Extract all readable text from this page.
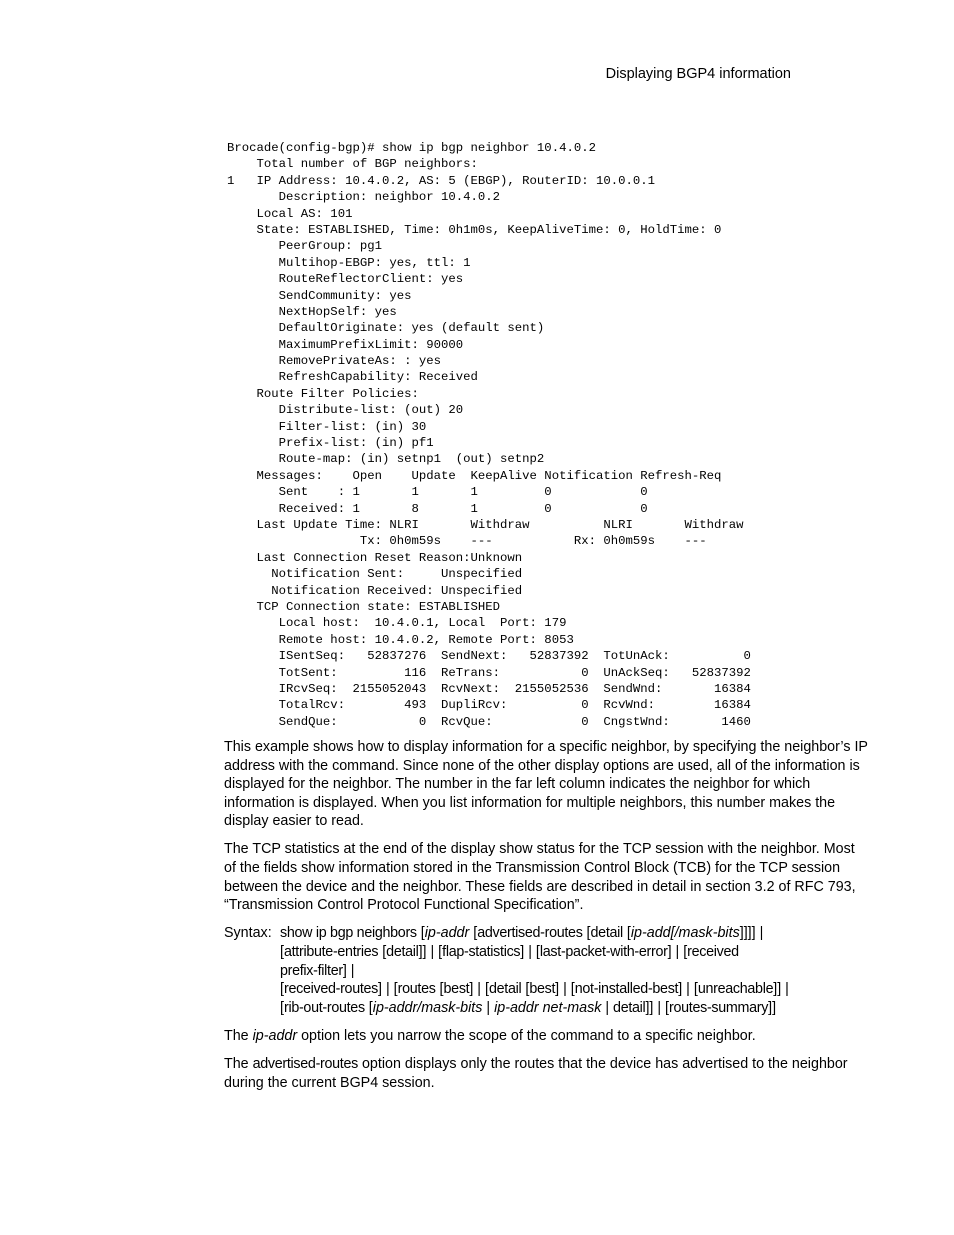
Displaying BGP4 information
Brocade(config-bgp)# show ip bgp neighbor 10.4.0.2
Total number of BGP neighbors:
1   IP Address: 10.4.0.2, AS: 5 (EBGP), RouterID: 10.0.0.1
Description: neighbor 10.4.0.2
Local AS: 101
State: ESTABLISHED, Time: 0h1m0s, KeepAliveTime: 0, HoldTime: 0
PeerGroup: pg1
Multihop-EBGP: yes, ttl: 1
RouteReflectorClient: yes
SendCommunity: yes
NextHopSelf: yes
DefaultOriginate: yes (default sent)
MaximumPrefixLimit: 90000
RemovePrivateAs: : yes
RefreshCapability: Received
Route Filter Policies:
Distribute-list: (out) 20
Filter-list: (in) 30
Prefix-list: (in) pf1
Route-map: (in) setnp1  (out) setnp2
Messages:    Open    Update  KeepAlive Notification Refresh-Req
Sent    : 1       1       1         0            0
Received: 1       8       1         0            0
Last Update Time: NLRI       Withdraw          NLRI       Withdraw
Tx: 0h0m59s    ---           Rx: 0h0m59s    ---
Last Connection Reset Reason:Unknown
Notification Sent:     Unspecified
Notification Received: Unspecified
TCP Connection state: ESTABLISHED
Local host:  10.4.0.1, Local  Port: 179
Remote host: 10.4.0.2, Remote Port: 8053
ISentSeq:   52837276  SendNext:   52837392  TotUnAck:          0
TotSent:         116  ReTrans:           0  UnAckSeq:   52837392
IRcvSeq:  2155052043  RcvNext:  2155052536  SendWnd:       16384
TotalRcv:        493  DupliRcv:          0  RcvWnd:        16384
SendQue:           0  RcvQue:            0  CngstWnd:       1460

This example shows how to display information for a specific neighbor, by specifying the neighbor’s IP address with the command. Since none of the other display options are used, all of the information is displayed for the neighbor. The number in the far left column indicates the neighbor for which information is displayed. When you list information for multiple neighbors, this number makes the display easier to read.

The TCP statistics at the end of the display show status for the TCP session with the neighbor. Most of the fields show information stored in the Transmission Control Block (TCB) for the TCP session between the device and the neighbor. These fields are described in detail in section 3.2 of RFC 793, “Transmission Control Protocol Functional Specification”.

Syntax: show ip bgp neighbors [ip-addr [advertised-routes [detail [ip-add[/mask-bits]]]] |
[attribute-entries [detail]] | [flap-statistics] | [last-packet-with-error] | [received
prefix-filter] |
[received-routes] | [routes [best] | [detail [best] | [not-installed-best] | [unreachable]] |
[rib-out-routes [ip-addr/mask-bits | ip-addr net-mask | detail]] | [routes-summary]]

The ip-addr option lets you narrow the scope of the command to a specific neighbor.

The advertised-routes option displays only the routes that the device has advertised to the neighbor during the current BGP4 session.
